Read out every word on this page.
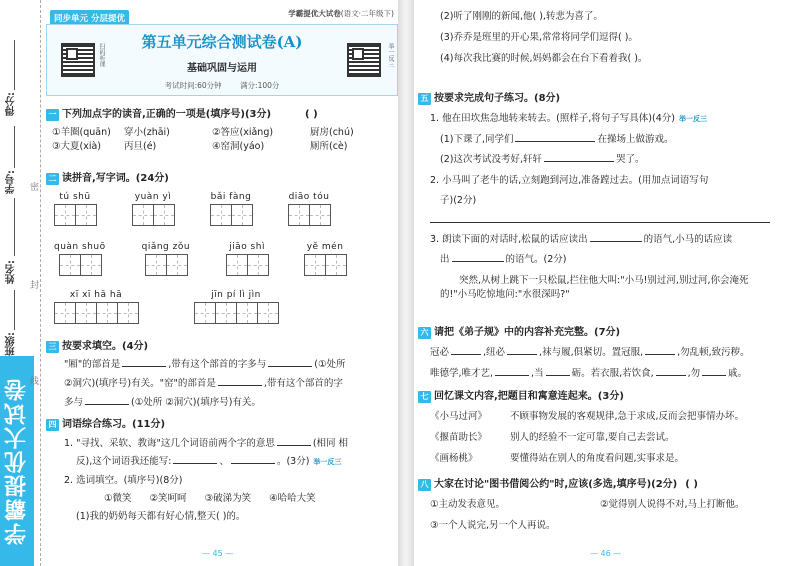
得分:
学号:
姓名:
班级:
学霸提优大试卷
密
封
线
同步单元 分层提优
学霸提优大试卷(语文·二年级下)
扫码听课	举一反三
第五单元综合测试卷(A)
基础巩固与运用
考试时间:60分钟 满分:100分
一 下列加点字的读音,正确的一项是(填序号)(3分)	( )
①羊圈(quān)	穿小(zhāi)	②答应(xiǎng)	厨房(chú)
③大夏(xià)	丙旦(é)	④窑洞(yáo)	厕所(cè)
二 读拼音,写字词。(24分)
tú shū	yuàn yì	bǎi fàng	diāo tóu
quàn shuō	qiǎng zǒu	jiāo shì	yě mén
xī xī hā hā	jīn pí lì jìn
三 按要求填空。(4分)
"厢"的部首是	,带有这个部首的字多与	(①处所
②洞穴)(填序号)有关。"窑"的部首是	,带有这个部首的字
多与	(①处所 ②洞穴)(填序号)有关。
四 词语综合练习。(11分)
1. "寻找、采软、教诲"这几个词语前两个字的意思	(相同 相
反),这个词语我还能写:	、	。(3分) 举一反三
2. 选词填空。(填序号)(8分)
①微笑 ②笑呵呵 ③破涕为笑 ④哈哈大笑
(1)我的奶奶每天都有好心情,整天( )的。
— 45 —
(2)听了刚刚的新闻,他( ),转悲为喜了。
(3)乔乔是班里的开心果,常常将同学们逗得( )。
(4)每次我比赛的时候,妈妈都会在台下看着我( )。
五 按要求完成句子练习。(8分)
1. 他在田坎焦急地转来转去。(照样子,将句子写具体)(4分) 举一反三
(1)下课了,同学们	在操场上做游戏。
(2)这次考试没考好,轩轩	哭了。
2. 小马叫了老牛的话,立刻跑到河边,准备蹚过去。(用加点词语写句
子)(2分)
3. 朗读下面的对话时,松鼠的话应读出	的语气,小马的话应读
出	的语气。(2分)
突然,从树上跳下一只松鼠,拦住他大叫:"小马!别过河,别过河,你会淹死的!"小马吃惊地问:"水很深吗?"
六 请把《弟子规》中的内容补充完整。(7分)
冠必	,纽必	,袜与履,俱紧切。置冠服,	,勿乱顿,致污秽。
唯德学,唯才艺,	,当	砺。若衣服,若饮食,	,勿	戚。
七 回忆课文内容,把题目和寓意连起来。(3分)
《小马过河》	不顾事物发展的客观规律,急于求成,反而会把事情办坏。
《揠苗助长》	别人的经验不一定可靠,要自己去尝试。
《画杨桃》	要懂得站在别人的角度看问题,实事求是。
八 大家在讨论"图书借阅公约"时,应该(多选,填序号)(2分) ( )
①主动发表意见。	②觉得别人说得不对,马上打断他。
③一个人说完,另一个人再说。
— 46 —
